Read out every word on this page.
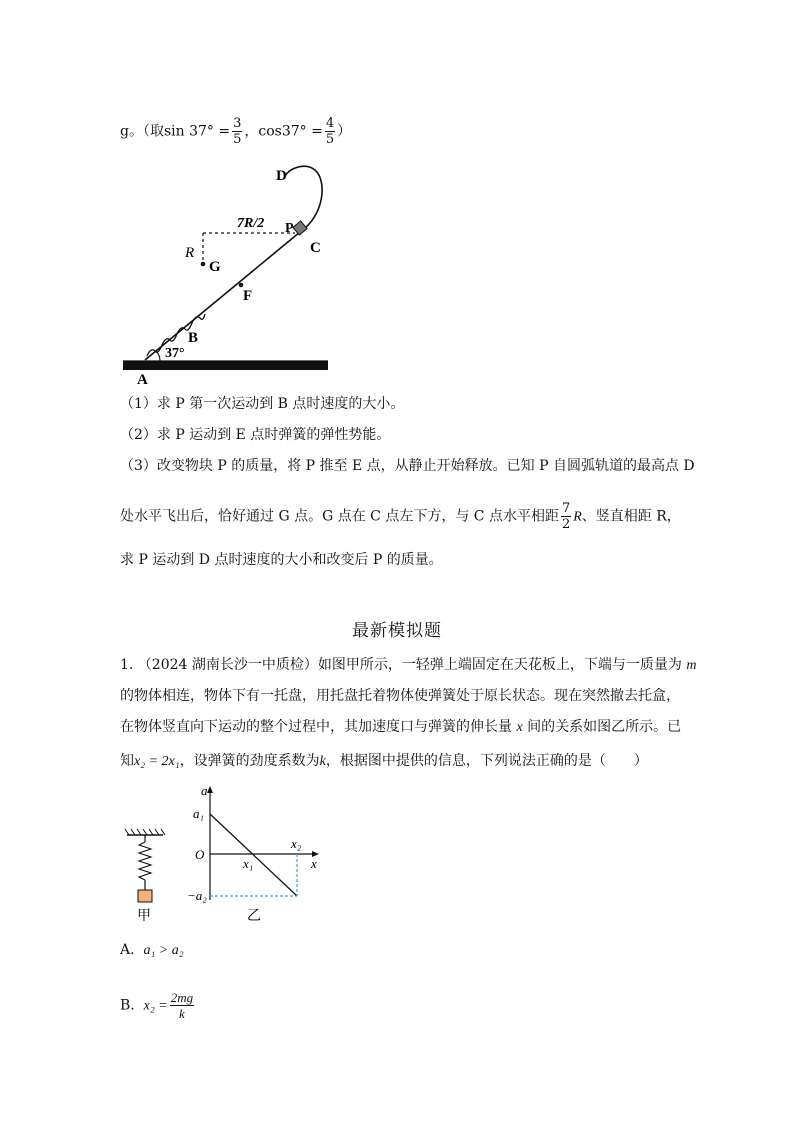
g。（取$\sin 37^\circ = \frac{3}{5}$ ，$\cos 37^\circ = \frac{4}{5}$ ）
D
P
C
7R/2
R
G
F
B
A
37°
（1）求 P 第一次运动到 B 点时速度的大小。
（2）求 P 运动到 E 点时弹簧的弹性势能。
（3）改变物块 P 的质量，将 P 推至 E 点，从静止开始释放。已知 P 自圆弧轨道的最高点 D
处水平飞出后，恰好通过 G 点。G 点在 C 点左下方，与 C 点水平相距 $\frac{7}{2}$ R、竖直相距 R，
求 P 运动到 D 点时速度的大小和改变后 P 的质量。
最新模拟题
1. （2024 湖南长沙一中质检）如图甲所示，一轻弹上端固定在天花板上，下端与一质量为 m
的物体相连，物体下有一托盘，用托盘托着物体使弹簧处于原长状态。现在突然撤去托盒，
在物体竖直向下运动的整个过程中，其加速度口与弹簧的伸长量 x 间的关系如图乙所示。已
知x₂ = 2x₁，设弹簧的劲度系数为k，根据图中提供的信息，下列说法正确的是（　　）
甲
a
x
a₁
O
x₁
x₂
−a₂
乙
A. a₁ > a₂
B. $x_2 = \frac{2mg}{k}$
